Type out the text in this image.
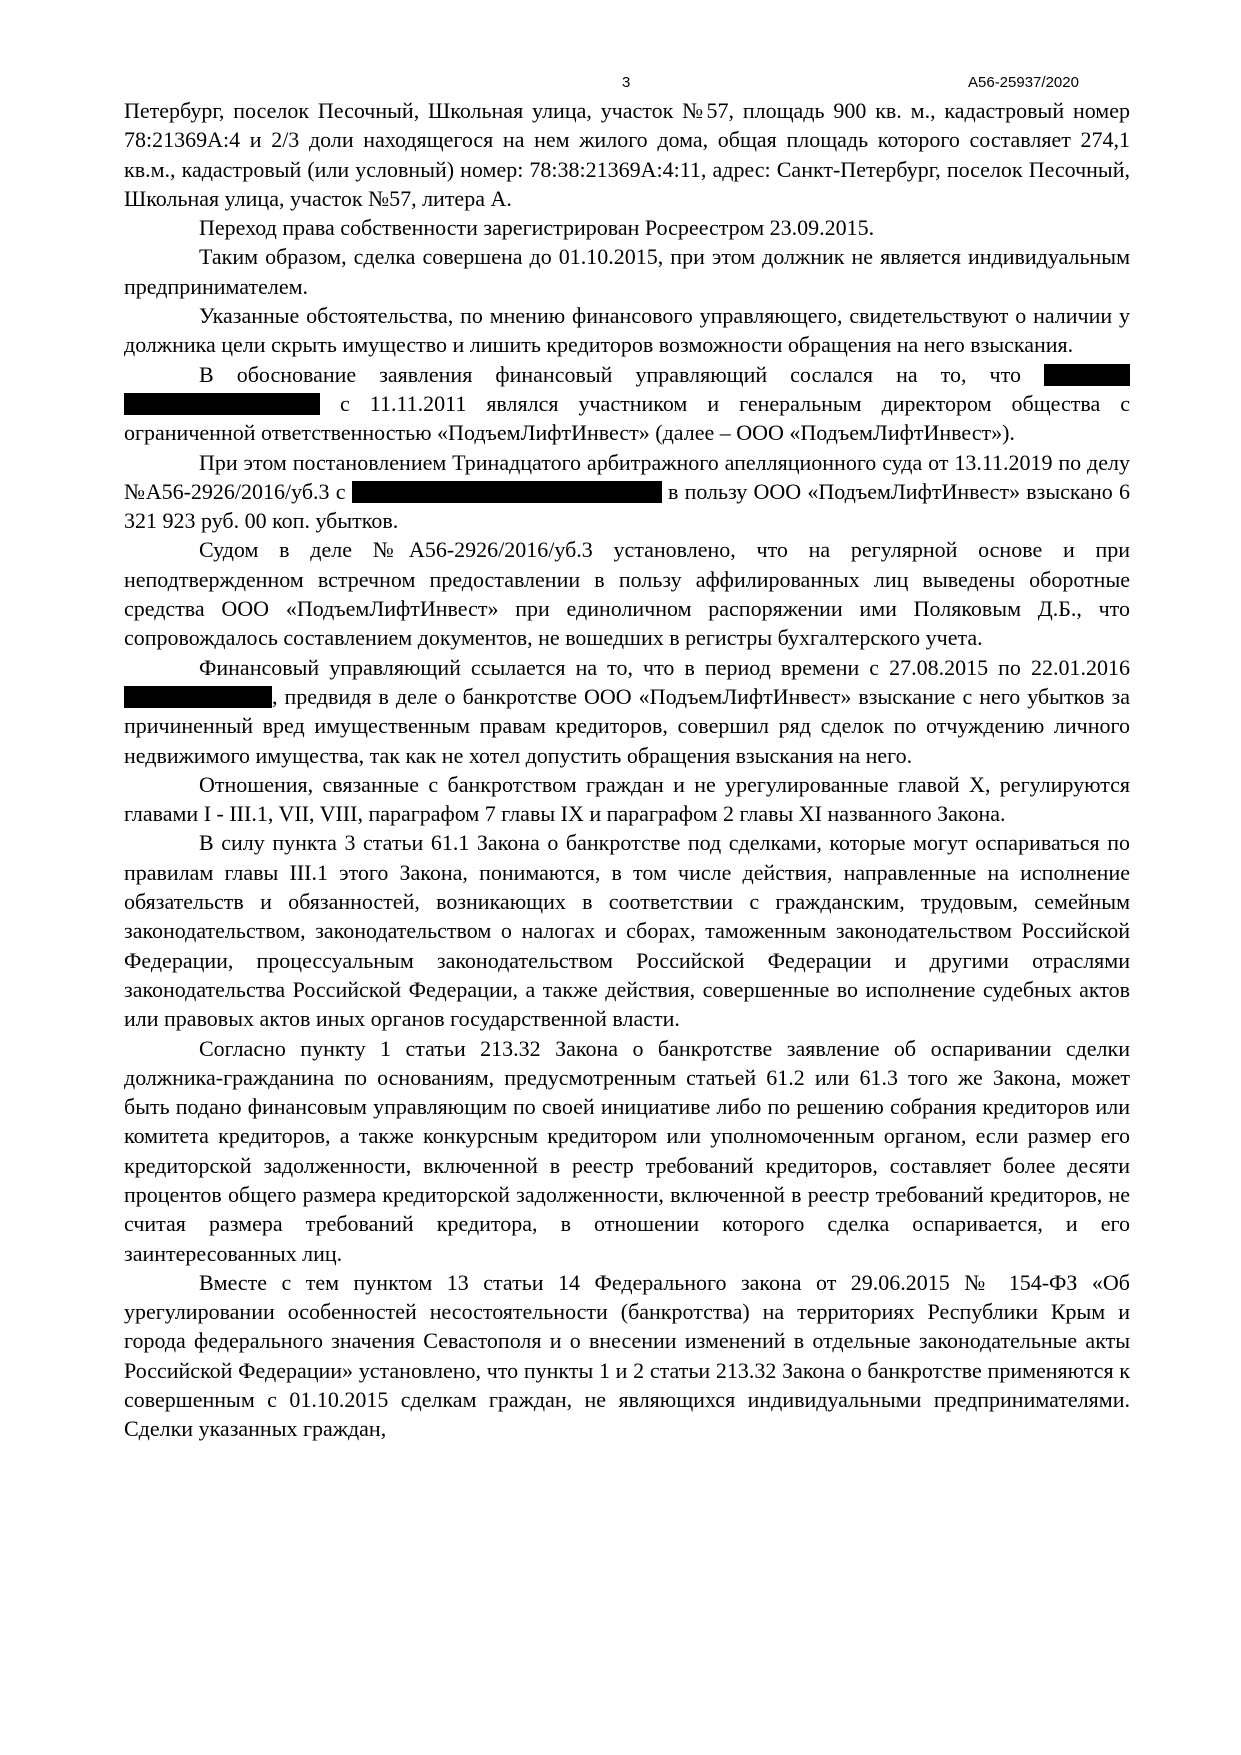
3	А56-25937/2020

Петербург, поселок Песочный, Школьная улица, участок №57, площадь 900 кв. м., кадастровый номер 78:21369А:4 и 2/3 доли находящегося на нем жилого дома, общая площадь которого составляет 274,1 кв.м., кадастровый (или условный) номер: 78:38:21369А:4:11, адрес: Санкт-Петербург, поселок Песочный, Школьная улица, участок №57, литера А.

Переход права собственности зарегистрирован Росреестром 23.09.2015.

Таким образом, сделка совершена до 01.10.2015, при этом должник не является индивидуальным предпринимателем.

Указанные обстоятельства, по мнению финансового управляющего, свидетельствуют о наличии у должника цели скрыть имущество и лишить кредиторов возможности обращения на него взыскания.

В обоснование заявления финансовый управляющий сослался на то, что   с 11.11.2011 являлся участником и генеральным директором общества с ограниченной ответственностью «ПодъемЛифтИнвест» (далее – ООО «ПодъемЛифтИнвест»).

При этом постановлением Тринадцатого арбитражного апелляционного суда от 13.11.2019 по делу №А56-2926/2016/уб.3 с	в пользу ООО «ПодъемЛифтИнвест» взыскано 6 321 923 руб. 00 коп. убытков.

Судом в деле №А56-2926/2016/уб.3 установлено, что на регулярной основе и при неподтвержденном встречном предоставлении в пользу аффилированных лиц выведены оборотные средства ООО «ПодъемЛифтИнвест» при единоличном распоряжении ими Поляковым Д.Б., что сопровождалось составлением документов, не вошедших в регистры бухгалтерского учета.

Финансовый управляющий ссылается на то, что в период времени с 27.08.2015 по 22.01.2016 , предвидя в деле о банкротстве ООО «ПодъемЛифтИнвест» взыскание с него убытков за причиненный вред имущественным правам кредиторов, совершил ряд сделок по отчуждению личного недвижимого имущества, так как не хотел допустить обращения взыскания на него.

Отношения, связанные с банкротством граждан и не урегулированные главой X, регулируются главами I - III.1, VII, VIII, параграфом 7 главы IX и параграфом 2 главы XI названного Закона.

В силу пункта 3 статьи 61.1 Закона о банкротстве под сделками, которые могут оспариваться по правилам главы III.1 этого Закона, понимаются, в том числе действия, направленные на исполнение обязательств и обязанностей, возникающих в соответствии с гражданским, трудовым, семейным законодательством, законодательством о налогах и сборах, таможенным законодательством Российской Федерации, процессуальным законодательством Российской Федерации и другими отраслями законодательства Российской Федерации, а также действия, совершенные во исполнение судебных актов или правовых актов иных органов государственной власти.

Согласно пункту 1 статьи 213.32 Закона о банкротстве заявление об оспаривании сделки должника-гражданина по основаниям, предусмотренным статьей 61.2 или 61.3 того же Закона, может быть подано финансовым управляющим по своей инициативе либо по решению собрания кредиторов или комитета кредиторов, а также конкурсным кредитором или уполномоченным органом, если размер его кредиторской задолженности, включенной в реестр требований кредиторов, составляет более десяти процентов общего размера кредиторской задолженности, включенной в реестр требований кредиторов, не считая размера требований кредитора, в отношении которого сделка оспаривается, и его заинтересованных лиц.

Вместе с тем пунктом 13 статьи 14 Федерального закона от 29.06.2015 № 154-ФЗ «Об урегулировании особенностей несостоятельности (банкротства) на территориях Республики Крым и города федерального значения Севастополя и о внесении изменений в отдельные законодательные акты Российской Федерации» установлено, что пункты 1 и 2 статьи 213.32 Закона о банкротстве применяются к совершенным с 01.10.2015 сделкам граждан, не являющихся индивидуальными предпринимателями. Сделки указанных граждан,
